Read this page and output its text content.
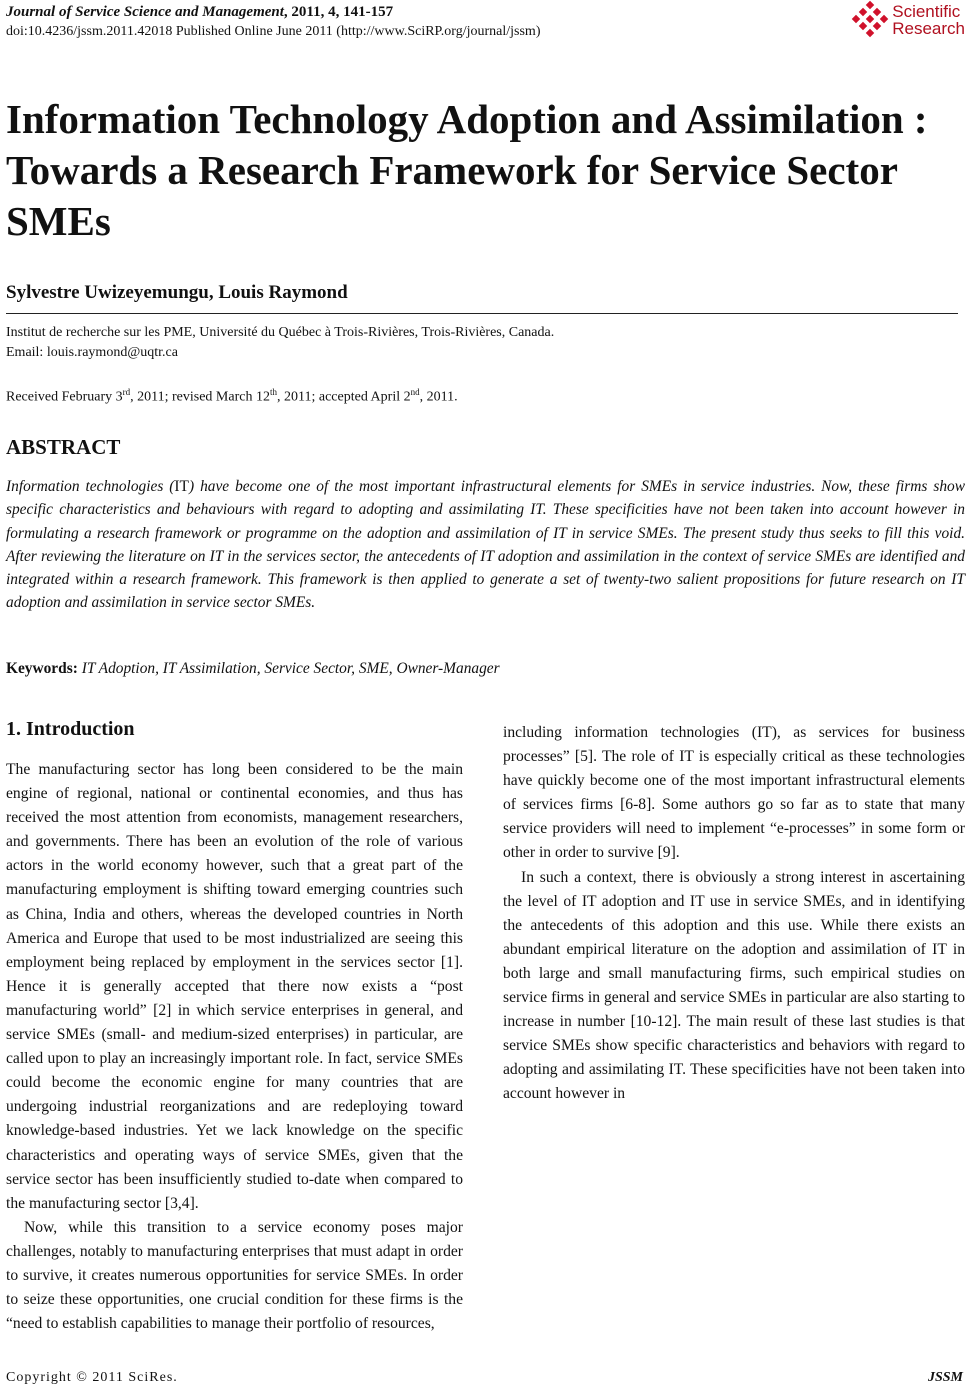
Journal of Service Science and Management, 2011, 4, 141-157
doi:10.4236/jssm.2011.42018 Published Online June 2011 (http://www.SciRP.org/journal/jssm)
Scientific
Research
Information Technology Adoption and Assimilation : Towards a Research Framework for Service Sector SMEs
Sylvestre Uwizeyemungu, Louis Raymond
Institut de recherche sur les PME, Université du Québec à Trois-Rivières, Trois-Rivières, Canada.
Email: louis.raymond@uqtr.ca
Received February 3rd, 2011; revised March 12th, 2011; accepted April 2nd, 2011.
ABSTRACT
Information technologies (IT) have become one of the most important infrastructural elements for SMEs in service industries. Now, these firms show specific characteristics and behaviours with regard to adopting and assimilating IT. These specificities have not been taken into account however in formulating a research framework or programme on the adoption and assimilation of IT in service SMEs. The present study thus seeks to fill this void. After reviewing the literature on IT in the services sector, the antecedents of IT adoption and assimilation in the context of service SMEs are identified and integrated within a research framework. This framework is then applied to generate a set of twenty-two salient propositions for future research on IT adoption and assimilation in service sector SMEs.
Keywords: IT Adoption, IT Assimilation, Service Sector, SME, Owner-Manager
1. Introduction

The manufacturing sector has long been considered to be the main engine of regional, national or continental economies, and thus has received the most attention from economists, management researchers, and governments. There has been an evolution of the role of various actors in the world economy however, such that a great part of the manufacturing employment is shifting toward emerging countries such as China, India and others, whereas the developed countries in North America and Europe that used to be most industrialized are seeing this employment being replaced by employment in the services sector [1]. Hence it is generally accepted that there now exists a “post manufacturing world” [2] in which service enterprises in general, and service SMEs (small- and medium-sized enterprises) in particular, are called upon to play an increasingly important role. In fact, service SMEs could become the economic engine for many countries that are undergoing industrial reorganizations and are redeploying toward knowledge-based industries. Yet we lack knowledge on the specific characteristics and operating ways of service SMEs, given that the service sector has been insufficiently studied to-date when compared to the manufacturing sector [3,4].

Now, while this transition to a service economy poses major challenges, notably to manufacturing enterprises that must adapt in order to survive, it creates numerous opportunities for service SMEs. In order to seize these opportunities, one crucial condition for these firms is the “need to establish capabilities to manage their portfolio of resources,

including information technologies (IT), as services for business processes” [5]. The role of IT is especially critical as these technologies have quickly become one of the most important infrastructural elements of services firms [6-8]. Some authors go so far as to state that many service providers will need to implement “e-processes” in some form or other in order to survive [9].

In such a context, there is obviously a strong interest in ascertaining the level of IT adoption and IT use in service SMEs, and in identifying the antecedents of this adoption and this use. While there exists an abundant empirical literature on the adoption and assimilation of IT in both large and small manufacturing firms, such empirical studies on service firms in general and service SMEs in particular are also starting to increase in number [10-12]. The main result of these last studies is that service SMEs show specific characteristics and behaviors with regard to adopting and assimilating IT. These specificities have not been taken into account however in

Copyright © 2011 SciRes.	JSSM
